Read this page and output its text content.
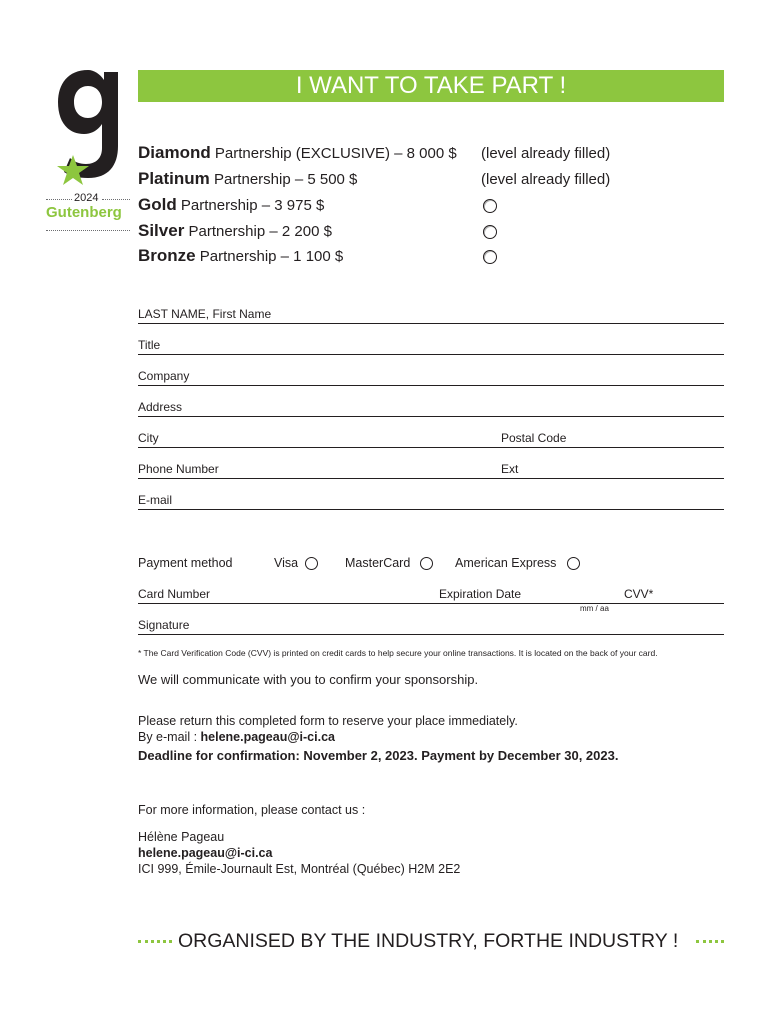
2024
Gutenberg
I WANT TO TAKE PART !
Diamond Partnership (EXCLUSIVE) – 8 000 $ (level already filled)
Platinum Partnership – 5 500 $	(level already filled)
Gold Partnership – 3 975 $
Silver Partnership – 2 200 $
Bronze Partnership – 1 100 $
LAST NAME, First Name
Title
Company
Address
City	Postal Code
Phone Number	Ext
E-mail
Payment method	Visa	MasterCard	American Express
Card Number	Expiration Date	CVV*
mm / aa
Signature
* The Card Verification Code (CVV) is printed on credit cards to help secure your online transactions. It is located on the back of your card.
We will communicate with you to confirm your sponsorship.
Please return this completed form to reserve your place immediately.
By e-mail : helene.pageau@i-ci.ca
Deadline for confirmation: November 2, 2023. Payment by December 30, 2023.
For more information, please contact us :
Hélène Pageau
helene.pageau@i-ci.ca
ICI 999, Émile-Journault Est, Montréal (Québec) H2M 2E2
ORGANISED BY THE INDUSTRY, FORTHE INDUSTRY !
